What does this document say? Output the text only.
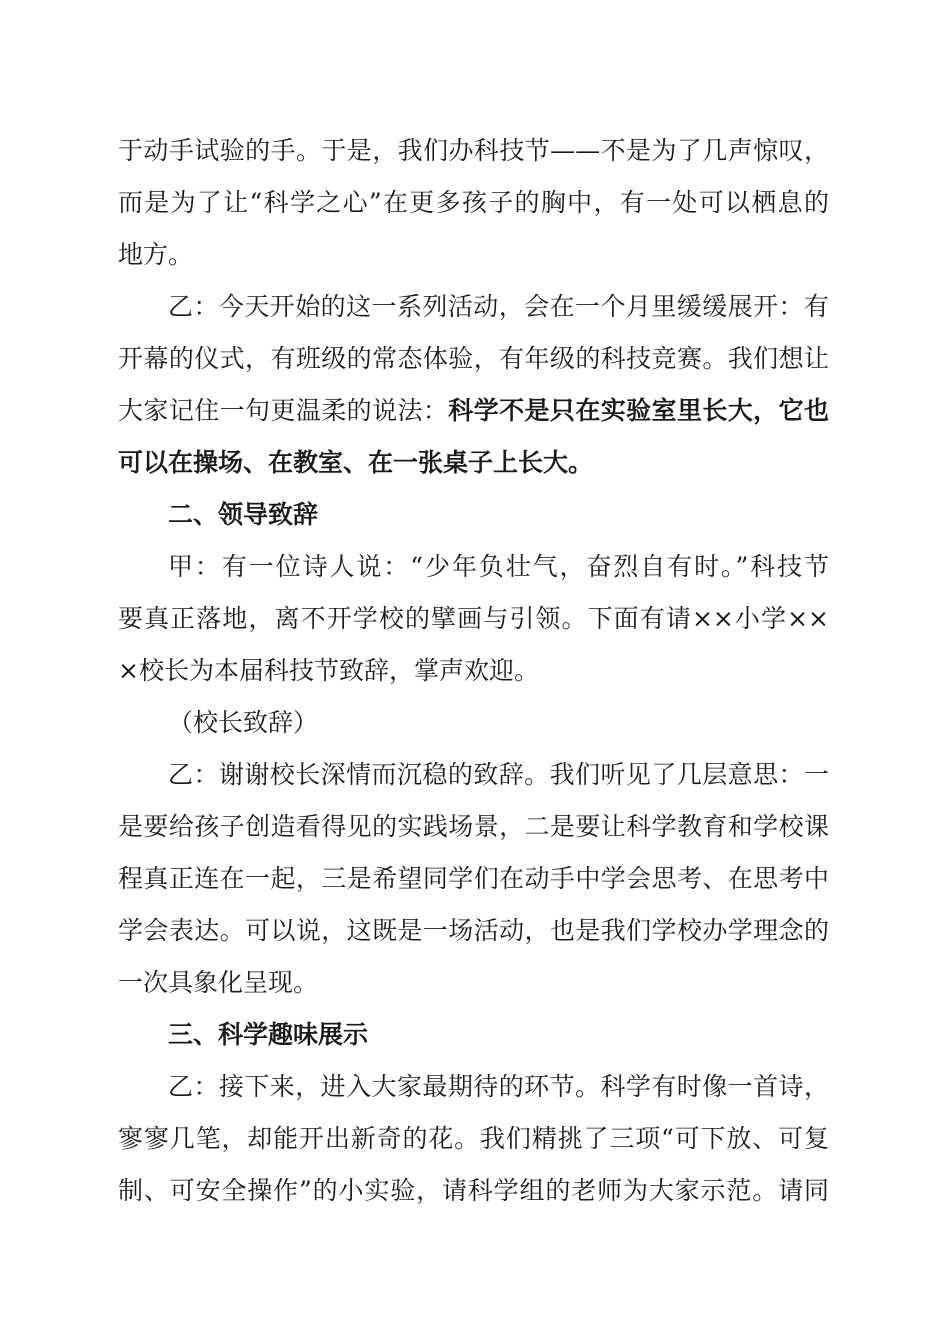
于动手试验的手。于是，我们办科技节——不是为了几声惊叹，
而是为了让“科学之心”在更多孩子的胸中，有一处可以栖息的
地方。
乙：今天开始的这一系列活动，会在一个月里缓缓展开：有
开幕的仪式，有班级的常态体验，有年级的科技竞赛。我们想让
大家记住一句更温柔的说法：科学不是只在实验室里长大，它也
可以在操场、在教室、在一张桌子上长大。
二、领导致辞
甲：有一位诗人说：“少年负壮气，奋烈自有时。”科技节
要真正落地，离不开学校的擘画与引领。下面有请××小学××
×校长为本届科技节致辞，掌声欢迎。
（校长致辞）
乙：谢谢校长深情而沉稳的致辞。我们听见了几层意思：一
是要给孩子创造看得见的实践场景，二是要让科学教育和学校课
程真正连在一起，三是希望同学们在动手中学会思考、在思考中
学会表达。可以说，这既是一场活动，也是我们学校办学理念的
一次具象化呈现。
三、科学趣味展示
乙：接下来，进入大家最期待的环节。科学有时像一首诗，
寥寥几笔，却能开出新奇的花。我们精挑了三项“可下放、可复
制、可安全操作”的小实验，请科学组的老师为大家示范。请同
